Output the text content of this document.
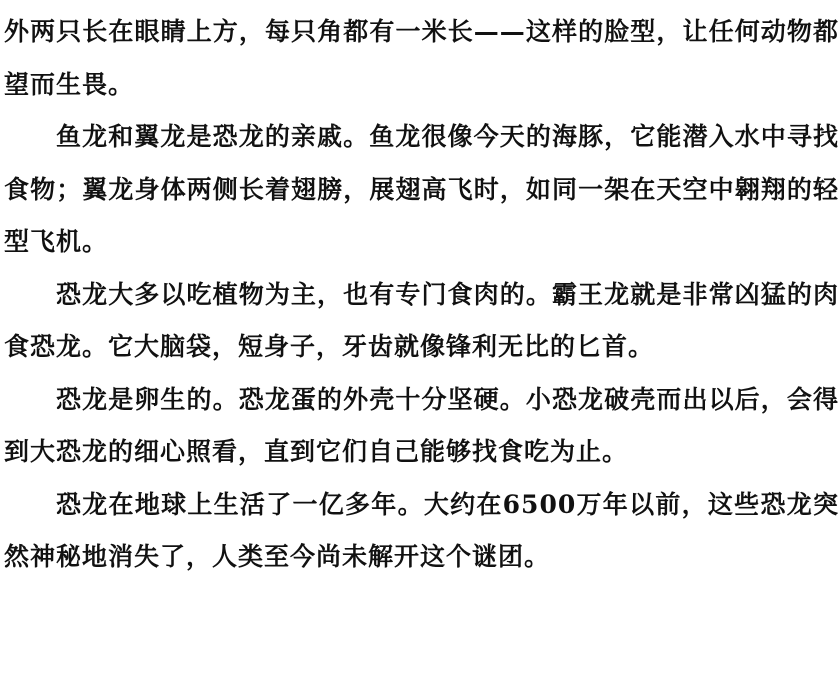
外两只长在眼睛上方，每只角都有一米长——这样的脸型，让任何动物都望而生畏。

鱼龙和翼龙是恐龙的亲戚。鱼龙很像今天的海豚，它能潜入水中寻找食物；翼龙身体两侧长着翅膀，展翅高飞时，如同一架在天空中翱翔的轻型飞机。

恐龙大多以吃植物为主，也有专门食肉的。霸王龙就是非常凶猛的肉食恐龙。它大脑袋，短身子，牙齿就像锋利无比的匕首。

恐龙是卵生的。恐龙蛋的外壳十分坚硬。小恐龙破壳而出以后，会得到大恐龙的细心照看，直到它们自己能够找食吃为止。

恐龙在地球上生活了一亿多年。大约在6500万年以前，这些恐龙突然神秘地消失了，人类至今尚未解开这个谜团。
